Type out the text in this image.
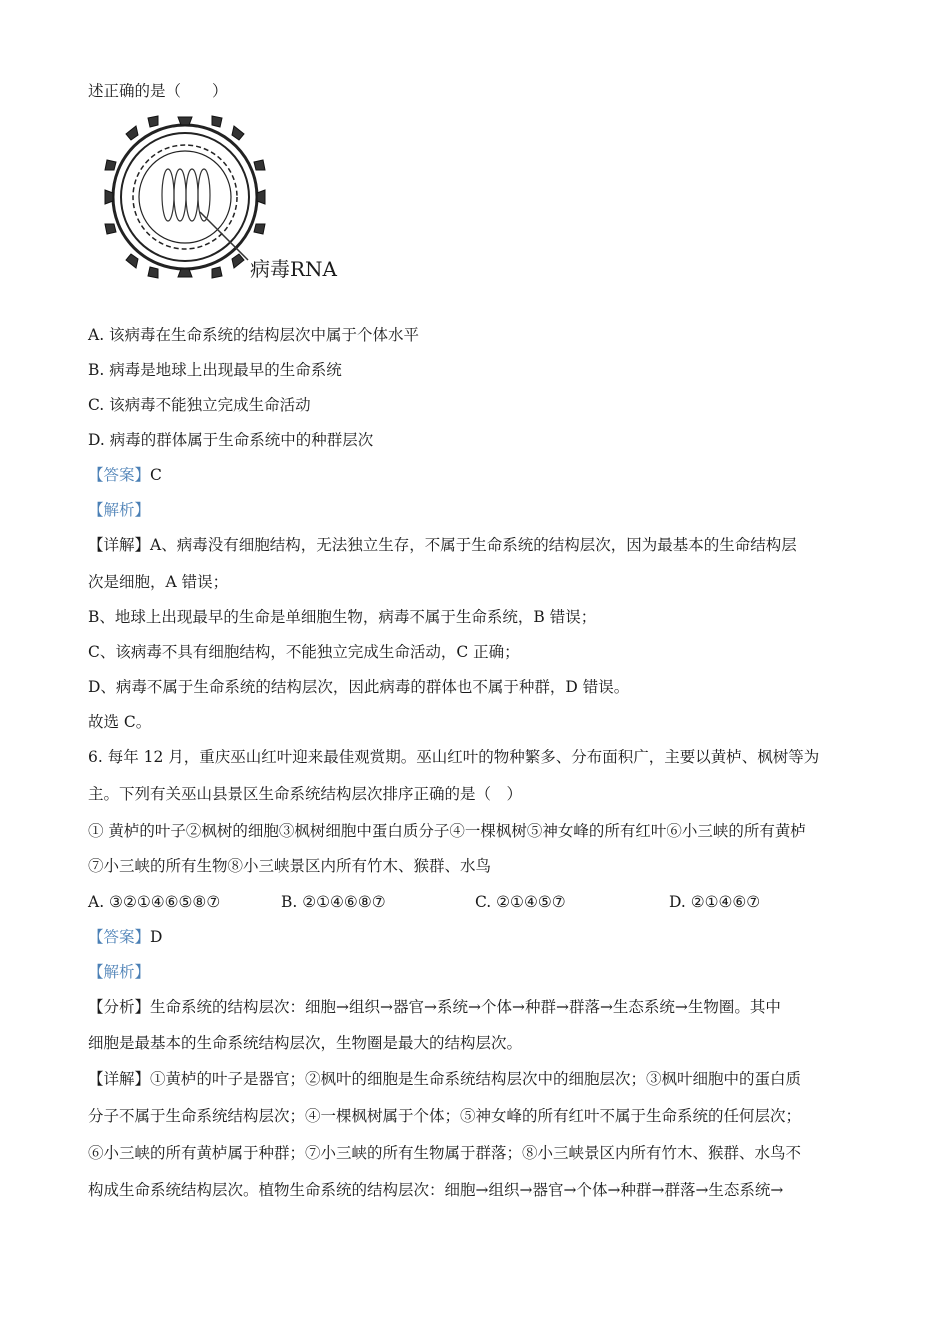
述正确的是（　　）
病毒RNA
A. 该病毒在生命系统的结构层次中属于个体水平
B. 病毒是地球上出现最早的生命系统
C. 该病毒不能独立完成生命活动
D. 病毒的群体属于生命系统中的种群层次
【答案】C
【解析】
【详解】A、病毒没有细胞结构，无法独立生存，不属于生命系统的结构层次，因为最基本的生命结构层
次是细胞，A 错误；
B、地球上出现最早的生命是单细胞生物，病毒不属于生命系统，B 错误；
C、该病毒不具有细胞结构，不能独立完成生命活动，C 正确；
D、病毒不属于生命系统的结构层次，因此病毒的群体也不属于种群，D 错误。
故选 C。
6. 每年 12 月，重庆巫山红叶迎来最佳观赏期。巫山红叶的物种繁多、分布面积广，主要以黄栌、枫树等为
主。下列有关巫山县景区生命系统结构层次排序正确的是（　）
① 黄栌的叶子②枫树的细胞③枫树细胞中蛋白质分子④一棵枫树⑤神女峰的所有红叶⑥小三峡的所有黄栌
⑦小三峡的所有生物⑧小三峡景区内所有竹木、猴群、水鸟
A. ③②①④⑥⑤⑧⑦	B. ②①④⑥⑧⑦	C. ②①④⑤⑦	D. ②①④⑥⑦
【答案】D
【解析】
【分析】生命系统的结构层次：细胞→组织→器官→系统→个体→种群→群落→生态系统→生物圈。其中
细胞是最基本的生命系统结构层次，生物圈是最大的结构层次。
【详解】①黄栌的叶子是器官；②枫叶的细胞是生命系统结构层次中的细胞层次；③枫叶细胞中的蛋白质
分子不属于生命系统结构层次；④一棵枫树属于个体；⑤神女峰的所有红叶不属于生命系统的任何层次；
⑥小三峡的所有黄栌属于种群；⑦小三峡的所有生物属于群落；⑧小三峡景区内所有竹木、猴群、水鸟不
构成生命系统结构层次。植物生命系统的结构层次：细胞→组织→器官→个体→种群→群落→生态系统→
